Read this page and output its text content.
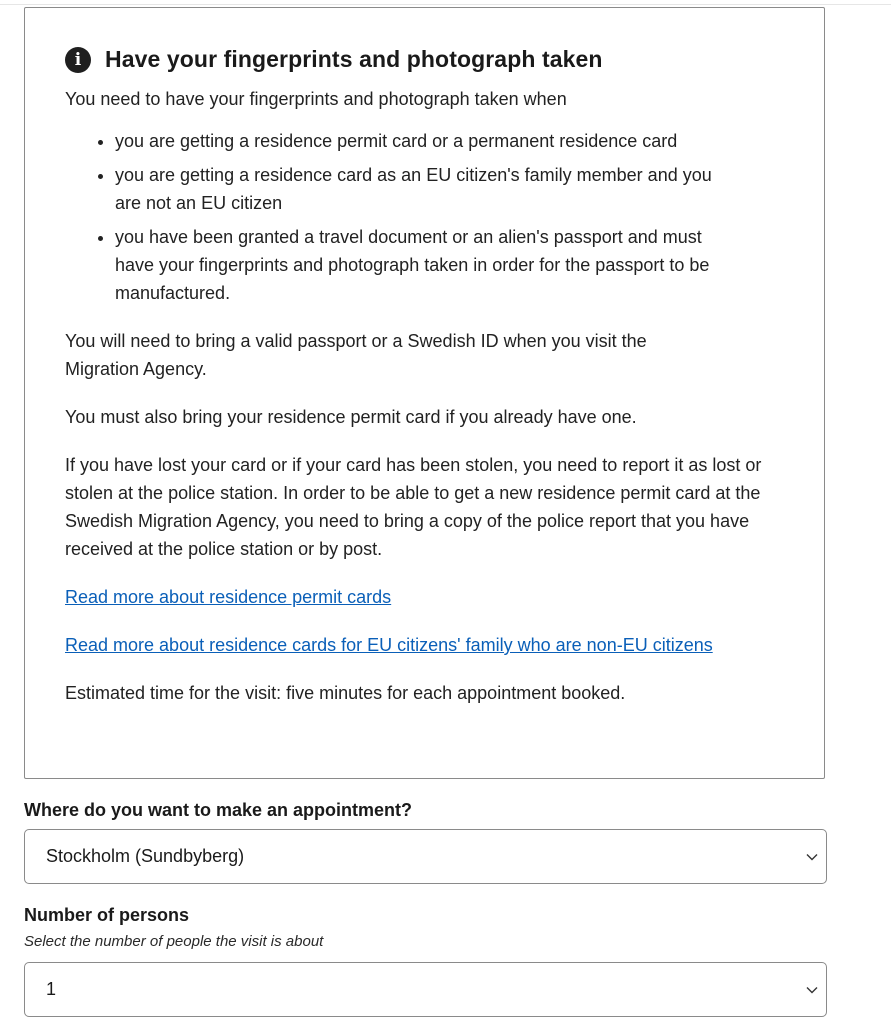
i	Have your fingerprints and photograph taken

You need to have your fingerprints and photograph taken when

• you are getting a residence permit card or a permanent residence card
• you are getting a residence card as an EU citizen's family member and you are not an EU citizen
• you have been granted a travel document or an alien's passport and must have your fingerprints and photograph taken in order for the passport to be manufactured.

You will need to bring a valid passport or a Swedish ID when you visit the Migration Agency.

You must also bring your residence permit card if you already have one.

If you have lost your card or if your card has been stolen, you need to report it as lost or stolen at the police station. In order to be able to get a new residence permit card at the Swedish Migration Agency, you need to bring a copy of the police report that you have received at the police station or by post.

Read more about residence permit cards

Read more about residence cards for EU citizens' family who are non-EU citizens

Estimated time for the visit: five minutes for each appointment booked.

Where do you want to make an appointment?
Stockholm (Sundbyberg)
Number of persons
Select the number of people the visit is about
1
